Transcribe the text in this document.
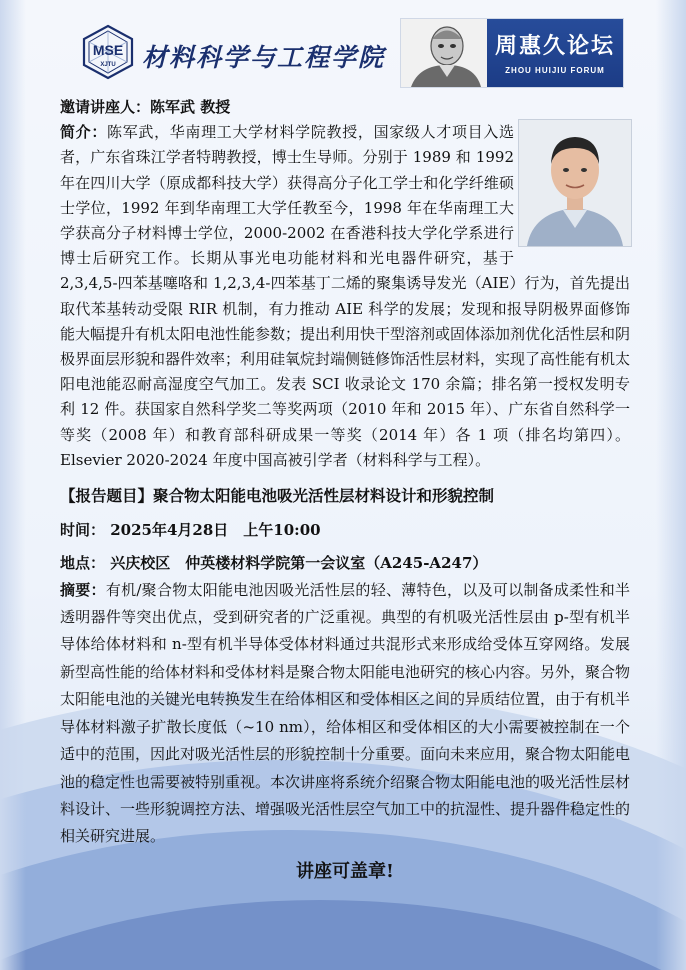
MSE
XJTU 材料科学与工程学院	周惠久论坛
ZHOU HUIJIU FORUM
邀请讲座人：陈军武 教授

简介：陈军武，华南理工大学材料学院教授，国家级人才项目入选者，广东省珠江学者特聘教授，博士生导师。分别于 1989 和 1992 年在四川大学（原成都科技大学）获得高分子化工学士和化学纤维硕士学位，1992 年到华南理工大学任教至今，1998 年在华南理工大学获高分子材料博士学位，2000-2002 在香港科技大学化学系进行博士后研究工作。长期从事光电功能材料和光电器件研究，基于 2,3,4,5-四苯基噻咯和 1,2,3,4-四苯基丁二烯的聚集诱导发光（AIE）行为，首先提出取代苯基转动受限 RIR 机制，有力推动 AIE 科学的发展；发现和报导阴极界面修饰能大幅提升有机太阳电池性能参数；提出利用快干型溶剂或固体添加剂优化活性层和阴极界面层形貌和器件效率；利用硅氧烷封端侧链修饰活性层材料，实现了高性能有机太阳电池能忍耐高湿度空气加工。发表 SCI 收录论文 170 余篇；排名第一授权发明专利 12 件。获国家自然科学奖二等奖两项（2010 年和 2015 年）、广东省自然科学一等奖（2008 年）和教育部科研成果一等奖（2014 年）各 1 项（排名均第四）。Elsevier 2020-2024 年度中国高被引学者（材料科学与工程）。

【报告题目】聚合物太阳能电池吸光活性层材料设计和形貌控制

时间： 2025年4月28日　上午10:00

地点： 兴庆校区　仲英楼材料学院第一会议室（A245-A247）

摘要：有机/聚合物太阳能电池因吸光活性层的轻、薄特色，以及可以制备成柔性和半透明器件等突出优点，受到研究者的广泛重视。典型的有机吸光活性层由 p-型有机半导体给体材料和 n-型有机半导体受体材料通过共混形式来形成给受体互穿网络。发展新型高性能的给体材料和受体材料是聚合物太阳能电池研究的核心内容。另外，聚合物太阳能电池的关键光电转换发生在给体相区和受体相区之间的异质结位置，由于有机半导体材料激子扩散长度低（~10 nm），给体相区和受体相区的大小需要被控制在一个适中的范围，因此对吸光活性层的形貌控制十分重要。面向未来应用，聚合物太阳能电池的稳定性也需要被特别重视。本次讲座将系统介绍聚合物太阳能电池的吸光活性层材料设计、一些形貌调控方法、增强吸光活性层空气加工中的抗湿性、提升器件稳定性的相关研究进展。

讲座可盖章!
